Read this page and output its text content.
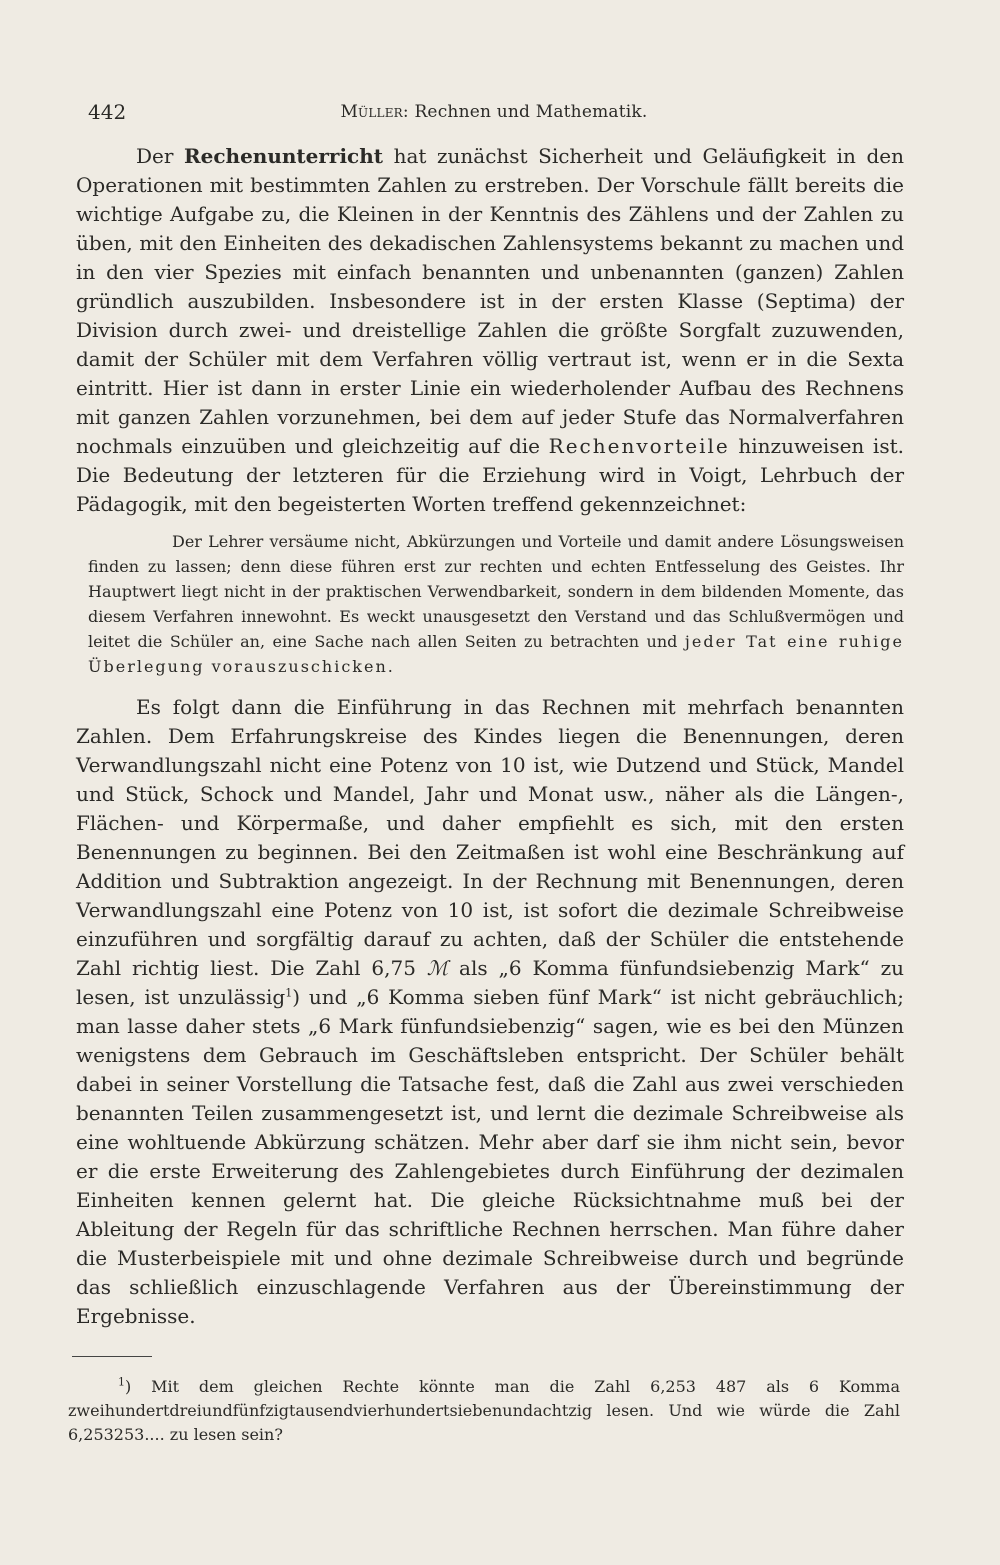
442	Müller: Rechnen und Mathematik.

Der Rechenunterricht hat zunächst Sicherheit und Geläufigkeit in den Operationen mit bestimmten Zahlen zu erstreben. Der Vorschule fällt bereits die wichtige Aufgabe zu, die Kleinen in der Kenntnis des Zählens und der Zahlen zu üben, mit den Einheiten des dekadischen Zahlensystems bekannt zu machen und in den vier Spezies mit einfach benannten und unbenannten (ganzen) Zahlen gründlich auszubilden. Insbesondere ist in der ersten Klasse (Septima) der Division durch zwei- und dreistellige Zahlen die größte Sorgfalt zuzuwenden, damit der Schüler mit dem Verfahren völlig vertraut ist, wenn er in die Sexta eintritt. Hier ist dann in erster Linie ein wiederholender Aufbau des Rechnens mit ganzen Zahlen vorzunehmen, bei dem auf jeder Stufe das Normalverfahren nochmals einzuüben und gleichzeitig auf die Rechenvorteile hinzuweisen ist. Die Bedeutung der letzteren für die Erziehung wird in Voigt, Lehrbuch der Pädagogik, mit den begeisterten Worten treffend gekennzeichnet:

Der Lehrer versäume nicht, Abkürzungen und Vorteile und damit andere Lösungsweisen finden zu lassen; denn diese führen erst zur rechten und echten Entfesselung des Geistes. Ihr Hauptwert liegt nicht in der praktischen Verwendbarkeit, sondern in dem bildenden Momente, das diesem Verfahren innewohnt. Es weckt unausgesetzt den Verstand und das Schlußvermögen und leitet die Schüler an, eine Sache nach allen Seiten zu betrachten und jeder Tat eine ruhige Überlegung vorauszuschicken.

Es folgt dann die Einführung in das Rechnen mit mehrfach benannten Zahlen. Dem Erfahrungskreise des Kindes liegen die Benennungen, deren Verwandlungszahl nicht eine Potenz von 10 ist, wie Dutzend und Stück, Mandel und Stück, Schock und Mandel, Jahr und Monat usw., näher als die Längen-, Flächen- und Körpermaße, und daher empfiehlt es sich, mit den ersten Benennungen zu beginnen. Bei den Zeitmaßen ist wohl eine Beschränkung auf Addition und Subtraktion angezeigt. In der Rechnung mit Benennungen, deren Verwandlungszahl eine Potenz von 10 ist, ist sofort die dezimale Schreibweise einzuführen und sorgfältig darauf zu achten, daß der Schüler die entstehende Zahl richtig liest. Die Zahl 6,75 ℳ als „6 Komma fünfundsiebenzig Mark“ zu lesen, ist unzulässig$^1$) und „6 Komma sieben fünf Mark“ ist nicht gebräuchlich; man lasse daher stets „6 Mark fünfundsiebenzig“ sagen, wie es bei den Münzen wenigstens dem Gebrauch im Geschäftsleben entspricht. Der Schüler behält dabei in seiner Vorstellung die Tatsache fest, daß die Zahl aus zwei verschieden benannten Teilen zusammengesetzt ist, und lernt die dezimale Schreibweise als eine wohltuende Abkürzung schätzen. Mehr aber darf sie ihm nicht sein, bevor er die erste Erweiterung des Zahlengebietes durch Einführung der dezimalen Einheiten kennen gelernt hat. Die gleiche Rücksichtnahme muß bei der Ableitung der Regeln für das schriftliche Rechnen herrschen. Man führe daher die Musterbeispiele mit und ohne dezimale Schreibweise durch und begründe das schließlich einzuschlagende Verfahren aus der Übereinstimmung der Ergebnisse.

$^1$) Mit dem gleichen Rechte könnte man die Zahl 6,253 487 als 6 Komma zweihundertdreiundfünfzigtausendvierhundertsiebenundachtzig lesen. Und wie würde die Zahl 6,253253.... zu lesen sein?
